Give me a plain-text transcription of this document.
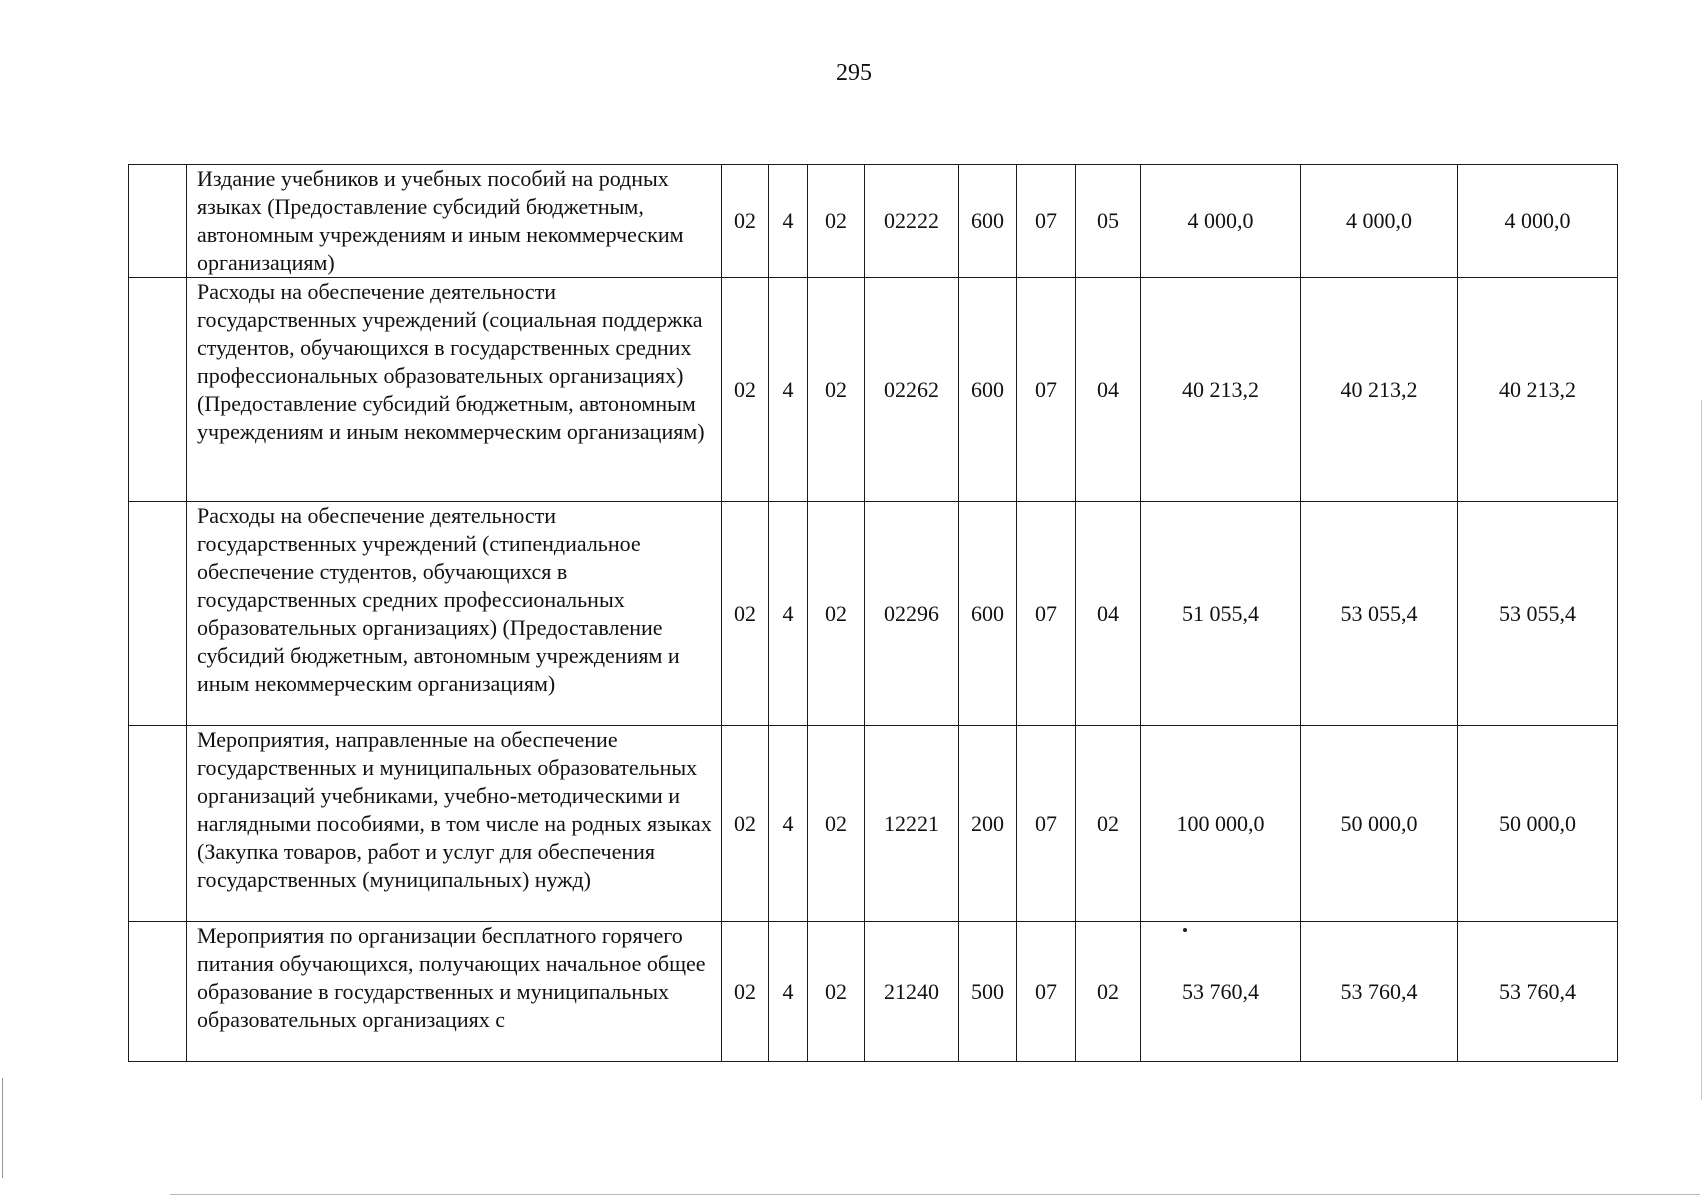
295
	Издание учебников и учебных пособий на родных языках (Предоставление субсидий бюджетным, автономным учреждениям и иным некоммерческим организациям)	02	4	02	02222	600	07	05	4 000,0	4 000,0	4 000,0
	Расходы на обеспечение деятельности государственных учреждений (социальная поддержка студентов, обучающихся в государственных средних профессиональных образовательных организациях) (Предоставление субсидий бюджетным, автономным учреждениям и иным некоммерческим организациям)	02	4	02	02262	600	07	04	40 213,2	40 213,2	40 213,2
	Расходы на обеспечение деятельности государственных учреждений (стипендиальное обеспечение студентов, обучающихся в государственных средних профессиональных образовательных организациях) (Предоставление субсидий бюджетным, автономным учреждениям и иным некоммерческим организациям)	02	4	02	02296	600	07	04	51 055,4	53 055,4	53 055,4
	Мероприятия, направленные на обеспечение государственных и муниципальных образовательных организаций учебниками, учебно-методическими и наглядными пособиями, в том числе на родных языках (Закупка товаров, работ и услуг для обеспечения государственных (муниципальных) нужд)	02	4	02	12221	200	07	02	100 000,0	50 000,0	50 000,0
	Мероприятия по организации бесплатного горячего питания обучающихся, получающих начальное общее образование в государственных и муниципальных образовательных организациях с	02	4	02	21240	500	07	02	53 760,4	53 760,4	53 760,4
